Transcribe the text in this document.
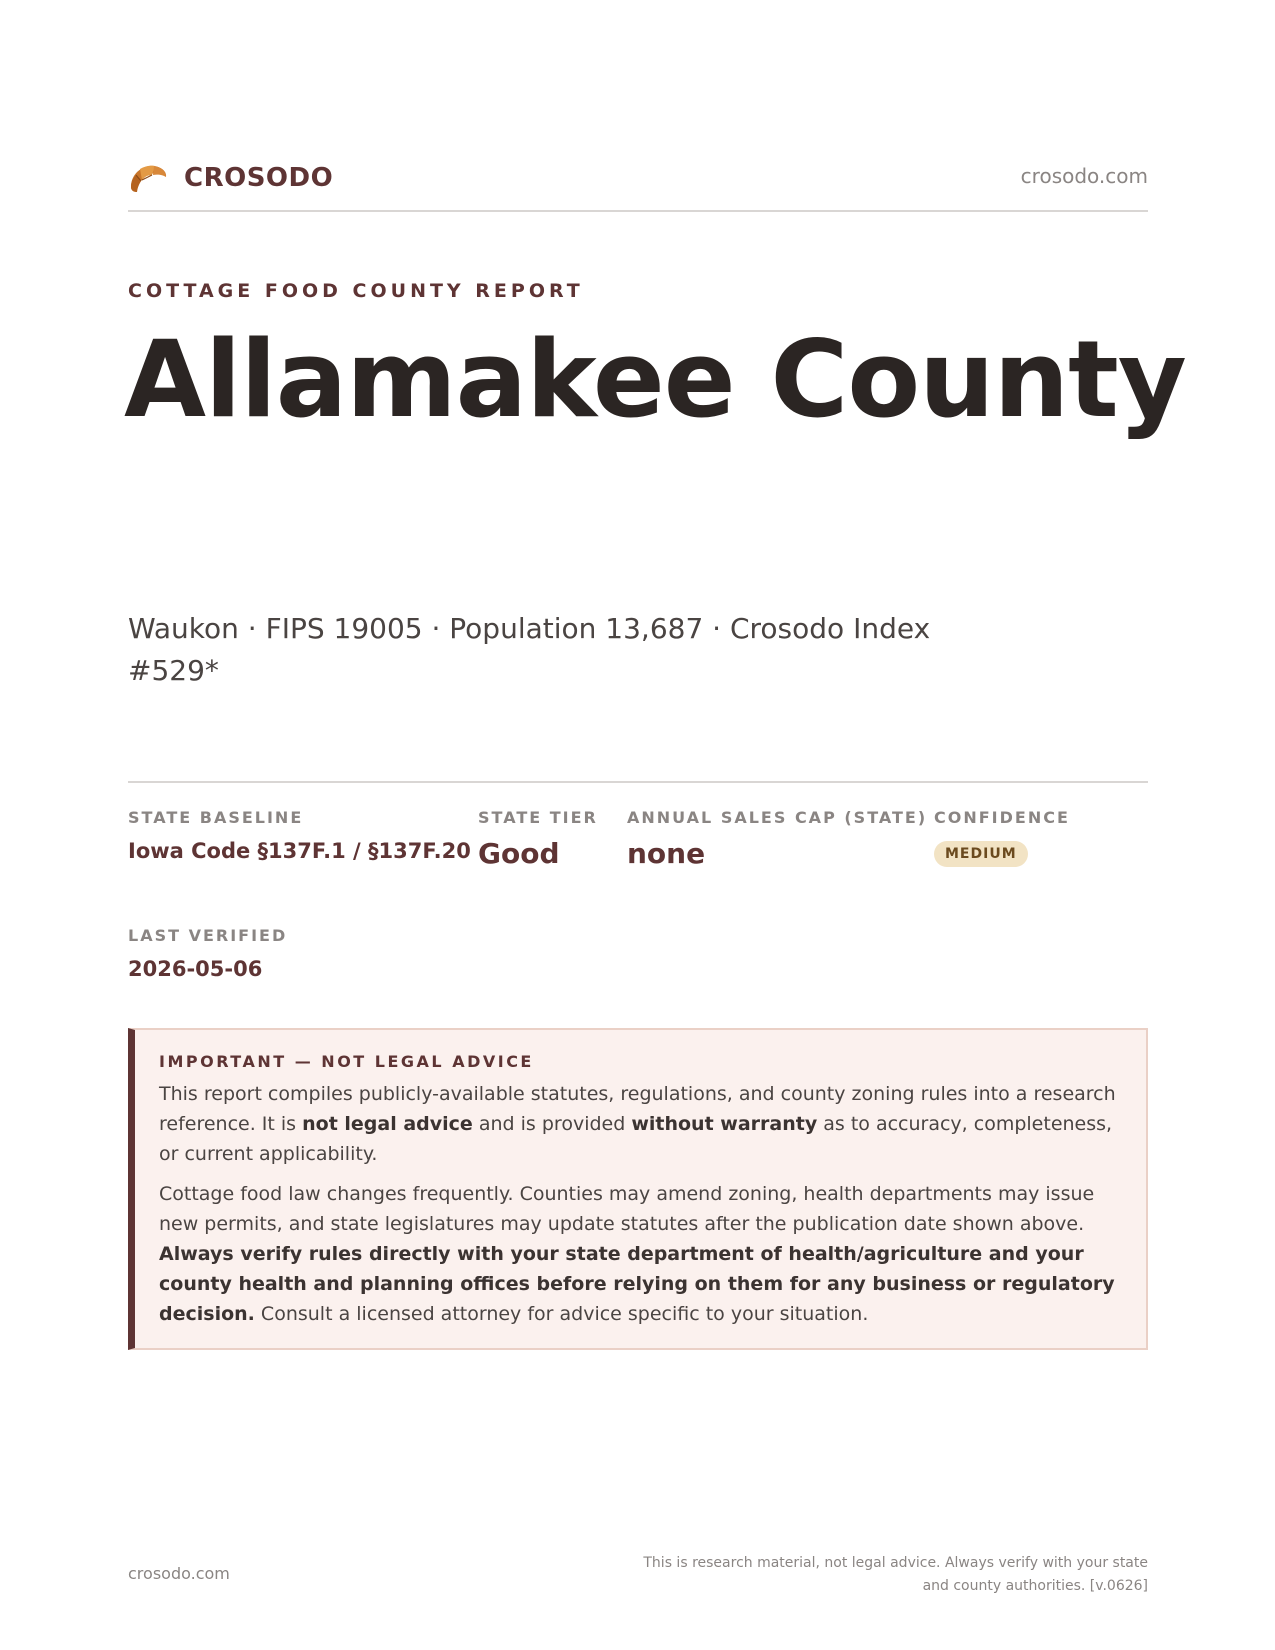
CROSODO	crosodo.com
COTTAGE FOOD COUNTY REPORT
Allamakee County
Waukon · FIPS 19005 · Population 13,687 · Crosodo Index #529*
STATE BASELINE
Iowa Code §137F.1 / §137F.20
STATE TIER
Good
ANNUAL SALES CAP (STATE)
none
CONFIDENCE
MEDIUM
LAST VERIFIED
2026-05-06
IMPORTANT — NOT LEGAL ADVICE

This report compiles publicly-available statutes, regulations, and county zoning rules into a research reference. It is not legal advice and is provided without warranty as to accuracy, completeness, or current applicability.

Cottage food law changes frequently. Counties may amend zoning, health departments may issue new permits, and state legislatures may update statutes after the publication date shown above. Always verify rules directly with your state department of health/agriculture and your county health and planning offices before relying on them for any business or regulatory decision. Consult a licensed attorney for advice specific to your situation.

crosodo.com
This is research material, not legal advice. Always verify with your state and county authorities. [v.0626]
